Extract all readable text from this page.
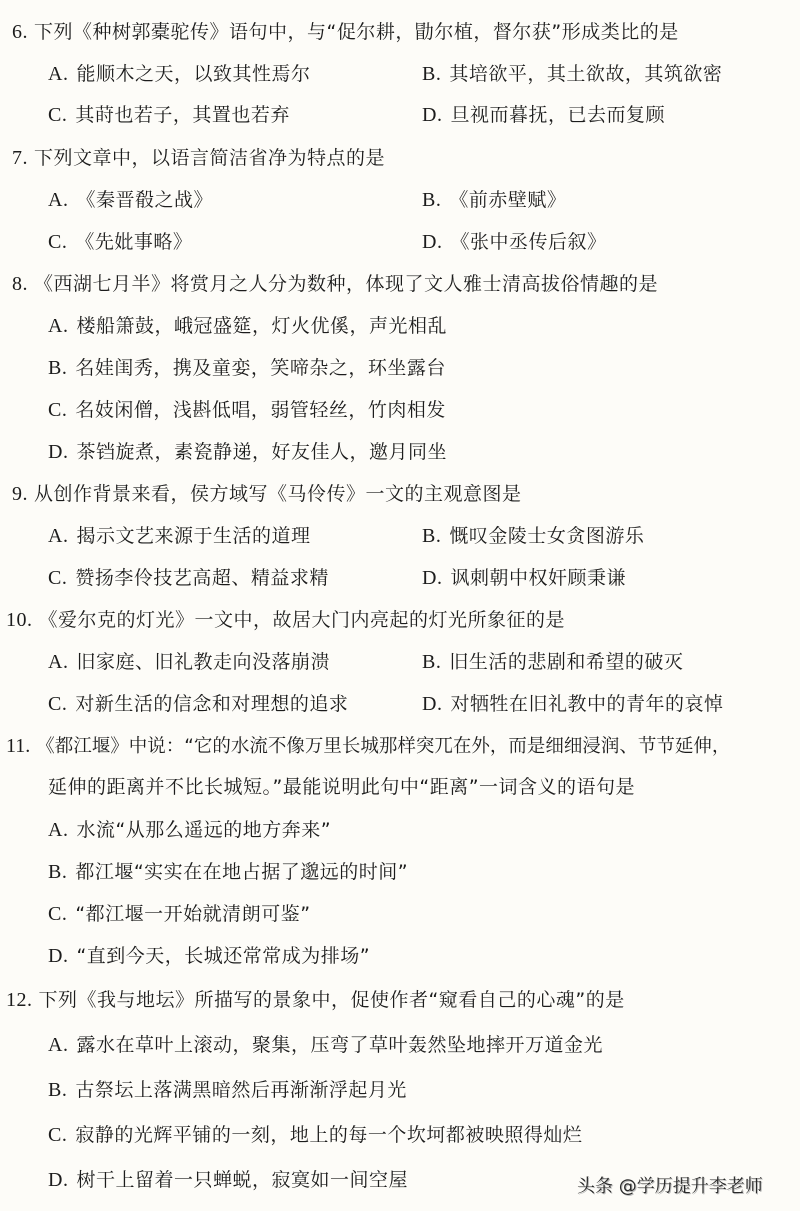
6. 下列《种树郭橐驼传》语句中，与“促尔耕，勖尔植，督尔获”形成类比的是
A. 能顺木之天，以致其性焉尔	B. 其培欲平，其土欲故，其筑欲密
C. 其莳也若子，其置也若弃	D. 旦视而暮抚，已去而复顾
7. 下列文章中，以语言简洁省净为特点的是
A. 《秦晋殽之战》	B. 《前赤壁赋》
C. 《先妣事略》	D. 《张中丞传后叙》
8. 《西湖七月半》将赏月之人分为数种，体现了文人雅士清高拔俗情趣的是
A. 楼船箫鼓，峨冠盛筵，灯火优傒，声光相乱
B. 名娃闺秀，携及童娈，笑啼杂之，环坐露台
C. 名妓闲僧，浅斟低唱，弱管轻丝，竹肉相发
D. 茶铛旋煮，素瓷静递，好友佳人，邀月同坐
9. 从创作背景来看，侯方域写《马伶传》一文的主观意图是
A. 揭示文艺来源于生活的道理	B. 慨叹金陵士女贪图游乐
C. 赞扬李伶技艺高超、精益求精	D. 讽刺朝中权奸顾秉谦
10. 《爱尔克的灯光》一文中，故居大门内亮起的灯光所象征的是
A. 旧家庭、旧礼教走向没落崩溃	B. 旧生活的悲剧和希望的破灭
C. 对新生活的信念和对理想的追求	D. 对牺牲在旧礼教中的青年的哀悼
11. 《都江堰》中说：“它的水流不像万里长城那样突兀在外，而是细细浸润、节节延伸，
延伸的距离并不比长城短。”最能说明此句中“距离”一词含义的语句是
A. 水流“从那么遥远的地方奔来”
B. 都江堰“实实在在地占据了邈远的时间”
C. “都江堰一开始就清朗可鉴”
D. “直到今天，长城还常常成为排场”
12. 下列《我与地坛》所描写的景象中，促使作者“窥看自己的心魂”的是
A. 露水在草叶上滚动，聚集，压弯了草叶轰然坠地摔开万道金光
B. 古祭坛上落满黑暗然后再渐渐浮起月光
C. 寂静的光辉平铺的一刻，地上的每一个坎坷都被映照得灿烂
D. 树干上留着一只蝉蜕，寂寞如一间空屋	头条 @学历提升李老师
